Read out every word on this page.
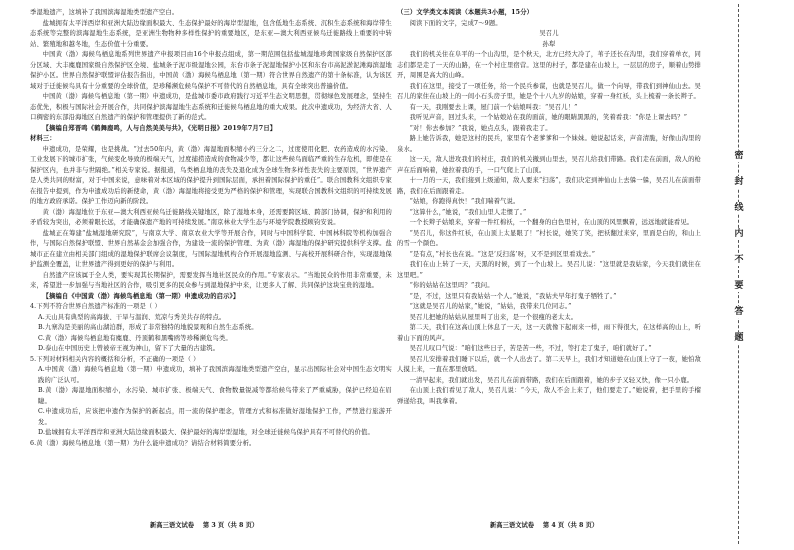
季湿地遗产，这填补了我国滨海湿地类型遗产空白。

盐城拥有太平洋西岸和亚洲大陆边缘面积最大、生态保护最好的海岸型湿地，包含低地生态系统、沉积生态系统和海岸带生态系统等完整的滨海湿地生态系统，是亚洲生物物种多样性保护的重要地区，是东亚—澳大利西亚候鸟迁徙路线上重要的中转站、繁殖地和越冬地，生态价值十分重要。

中国黄（渤）海候鸟栖息地系列世界遗产申报项目由16个申报点组成，第一期范围包括盐城湿地珍禽国家级自然保护区部分区域、大丰麋鹿国家级自然保护区全境、盐城条子泥市级湿地公园，东台市条子泥湿地保护小区和东台市高泥淤泥滩海滨湿地保护小区。世界自然保护联盟评估报告指出，中国黄（渤）海候鸟栖息地（第一期）符合世界自然遗产的第十条标准，认为该区域对于迁徙候鸟具有十分重要的全球价值，是珍稀濒危候鸟保护不可替代的自然栖息地，具有全球突出普遍价值。

中国黄（渤）海候鸟栖息地（第一期）申遗成功，是盐城市委市政府践行习近平生态文明思想，贯彻绿色发展理念，坚持生态优先，积极与国际社会开展合作，共同保护滨海湿地生态系统和迁徙候鸟栖息地的重大成果。此次申遗成功，为经济大省、人口稠密的东部沿海地区自然遗产的保护和管理提供了新的范式。

【摘编自郑晋鸣《鹤舞鹿鸣，人与自然美美与共》，《光明日报》2019年7月7日】

材料三：

申遗成功，是荣耀，也是挑战。“过去50年内，黄（渤）海湿地面积缩小约三分之二，过度使用化肥、农药造成的水污染、工业发展下的城市扩张，气候变化导致的极端天气，过度捕捞造成的食物减少等，都让这些候鸟面临严重的生存危机，即使是在保护区内，也并非与世隔绝。”相关专家说。据报道，鸟类栖息地的丧失及退化成为全球生物多样性丧失的主要原因，“世界遗产是人类共同的财富，对于中国来说，意味着对本区域的保护提升到国际层面，承担着国际保护的重任”。联合国教科文组织专家在报告中提到，作为申遗成功后的新使命，黄（渤）海湿地将接受更为严格的保护和管理，实现联合国教科文组织的可持续发展的地方政府承诺。保护工作迈向新的阶段。

黄（渤）海湿地位于东亚—澳大利西亚候鸟迁徙路线关键地区，除了湿地本身，还需要跨区域、跨部门协调，保护和利用的矛盾较为突出，必须着眼长远，才能确保遗产地的可持续发展。”南京林业大学生态与环境学院教授顾钧安说。

盐城正在筹建“盐城湿地研究院”，与南京大学、南京农业大学等开展合作，同时与中国科学院、中国林科院等机构加强合作，与国际自然保护联盟、世界自然基金会加强合作，为建设一流的保护管理、为黄（渤）海湿地的保护研究提供科学支撑。盐城市正在建立由相关部门组成的湿地保护联席会议制度，与国际湿地机构合作开展湿地监测、与高校开展科研合作，实现湿地保护监测全覆盖，让世界遗产得到更好的保护与利用。

自然遗产应该属于全人类，要实现其长期保护，需要发挥当地社区民众的作用。”专家表示。“当地民众的作用非常重要，未来，希望进一步加强与当地社区的合作，吸引更多的民众参与到湿地保护中来，让更多人了解、共同保护这块宝贵的湿地。

【摘编自《中国黄（渤）海候鸟栖息地（第一期）申遗成功的启示》】

4.下列不符合世界自然遗产标准的一项是（ ）

A.天山具有典型的高海拔、干旱与温润、荒凉与秀美共存的特点。

B.九寨沟是美丽的高山湖泊群，形成了非常独特的地貌景观和自然生态系统。

C.黄（渤）海候鸟栖息地有麋鹿、丹顶鹤和黑嘴鸥等珍稀濒危鸟类。

D.泰山在中国历史上曾被帝王视为神山，留下了大量的古建筑。

5.下列对材料相关内容的概括和分析，不正确的一项是（ ）

A.中国黄（渤）海候鸟栖息地（第一期）申遗成功，填补了我国滨海湿地类型遗产空白，显示出国际社会对中国生态文明实践的广泛认可。

B.黄（渤）海湿地面积缩小，水污染、城市扩张、极端天气、食物数量锐减等都给候鸟带来了严重威胁，保护已经迫在眉睫。

C.申遗成功后，应该把申遗作为保护的新起点，用一流的保护理念，管理方式和标准做好湿地保护工作，严禁进行旅游开发。

D.盐城拥有太平洋西岸和亚洲大陆边缘面积最大、保护最好的海岸型湿地，对全球迁徙候鸟保护具有不可替代的价值。

6.黄（渤）海候鸟栖息地（第一期）为什么能申遗成功？请结合材料简要分析。

（三）文学类文本阅读（本题共3小题，15分）

阅读下面的文字，完成7～9题。

吴召儿

孙犁

我们的机关住在阜平的一个山沟里，是个秋天，北方已经大冷了，苇子还长在沟里，我们穿着单衣，同志们都是走了一天的山路，在一个村庄里宿营。这里的村子，都是建在山坡上，一层层的房子，顺着山势排开，周围是高大的山峰。

我们在这里，接受了一项任务，给一个民兵参谋，也就是吴召儿，做一个向导，带我们到神仙山去。吴召儿的家住在山坡上的一间小石头房子里，她是个十八九岁的姑娘，穿着一身红袄，头上梳着一条长辫子。

有一天，我刚要去上课，屋门前一个姑娘叫我：“吴召儿！”

我听见声音，回过头来，一个姑娘站在我的面前，她的眼睛黑黑的，笑着看我：“你是上课去吗？”

“对！你去参加？”我说，她点点头，跟着我走了。

路上她告诉我，她是这村的民兵，家里有个老爹爹和一个妹妹。她说起话来，声音清脆，好像山沟里的泉水。

这一天，敌人进攻我们的村庄，我们的机关撤到山里去，吴召儿给我们带路。我们走在前面，敌人的枪声在后面响着，她拉着我的手，一口气爬上了山顶。

十一月的一天，我们接到上级通知，敌人要来“扫荡”，我们决定到神仙山上去躲一躲，吴召儿在前面带路，我们在后面跟着走。

“姑娘，你跑得真快！”我们喘着气说。

“这算什么，”她说，“我们山里人走惯了。”

一个长辫子姑娘来，穿着一件红棉袄，一个翻身的白色里衬，在山顶的风里飘着，远远地就能看见。

“吴召儿，你这件红袄，在山顶上太显眼了！”村长说，她笑了笑，把袄翻过来穿，里面是白的，和山上的雪一个颜色。

“是有点，”村长也在说。“这是‘反扫荡’呀，又不是到区里看戏去。”

我们在山上转了一天，天黑的时候，到了一个山坡上。吴召儿说：“这里就是我姑家，今天我们就住在这里吧。”

“你的姑姑在这里吗？”我问。

“是，不过，这里只有我姑姑一个人。”她说，“我姑夫早年打鬼子牺牲了。”

“这就是吴召儿的姑家，”她说，“姑姑，我带来几位同志。”

吴召儿把她的姑姑从屋里叫了出来，是一个很瘦的老太太。

第二天，我们在这高山顶上休息了一天，这一天就像下起雨来一样，雨下得很大，在这样高的山上，听着山下面的风声。

吴召儿叹口气说：“咱们这些日子，苦是苦一些，不过，等打走了鬼子，咱们就好了。”

吴召儿安排着我们睡下以后，就一个人出去了。第二天早上，我们才知道她在山顶上守了一夜，她怕敌人摸上来，一直在那里放哨。

一清早起来，我们就出发，吴召儿在前面带路，我们在后面跟着，她的步子又轻又快，像一只小鹿。

在山顶上我们看见了敌人，吴召儿说：“今天，敌人不会上来了，他们要走了。”她说着，把手里的手榴弹递给我，叫我拿着。

新高三语文试卷    第 3 页（共 8 页）	新高三语文试卷    第 4 页（共 8 页）
密
封
线
内
不
要
答
题
